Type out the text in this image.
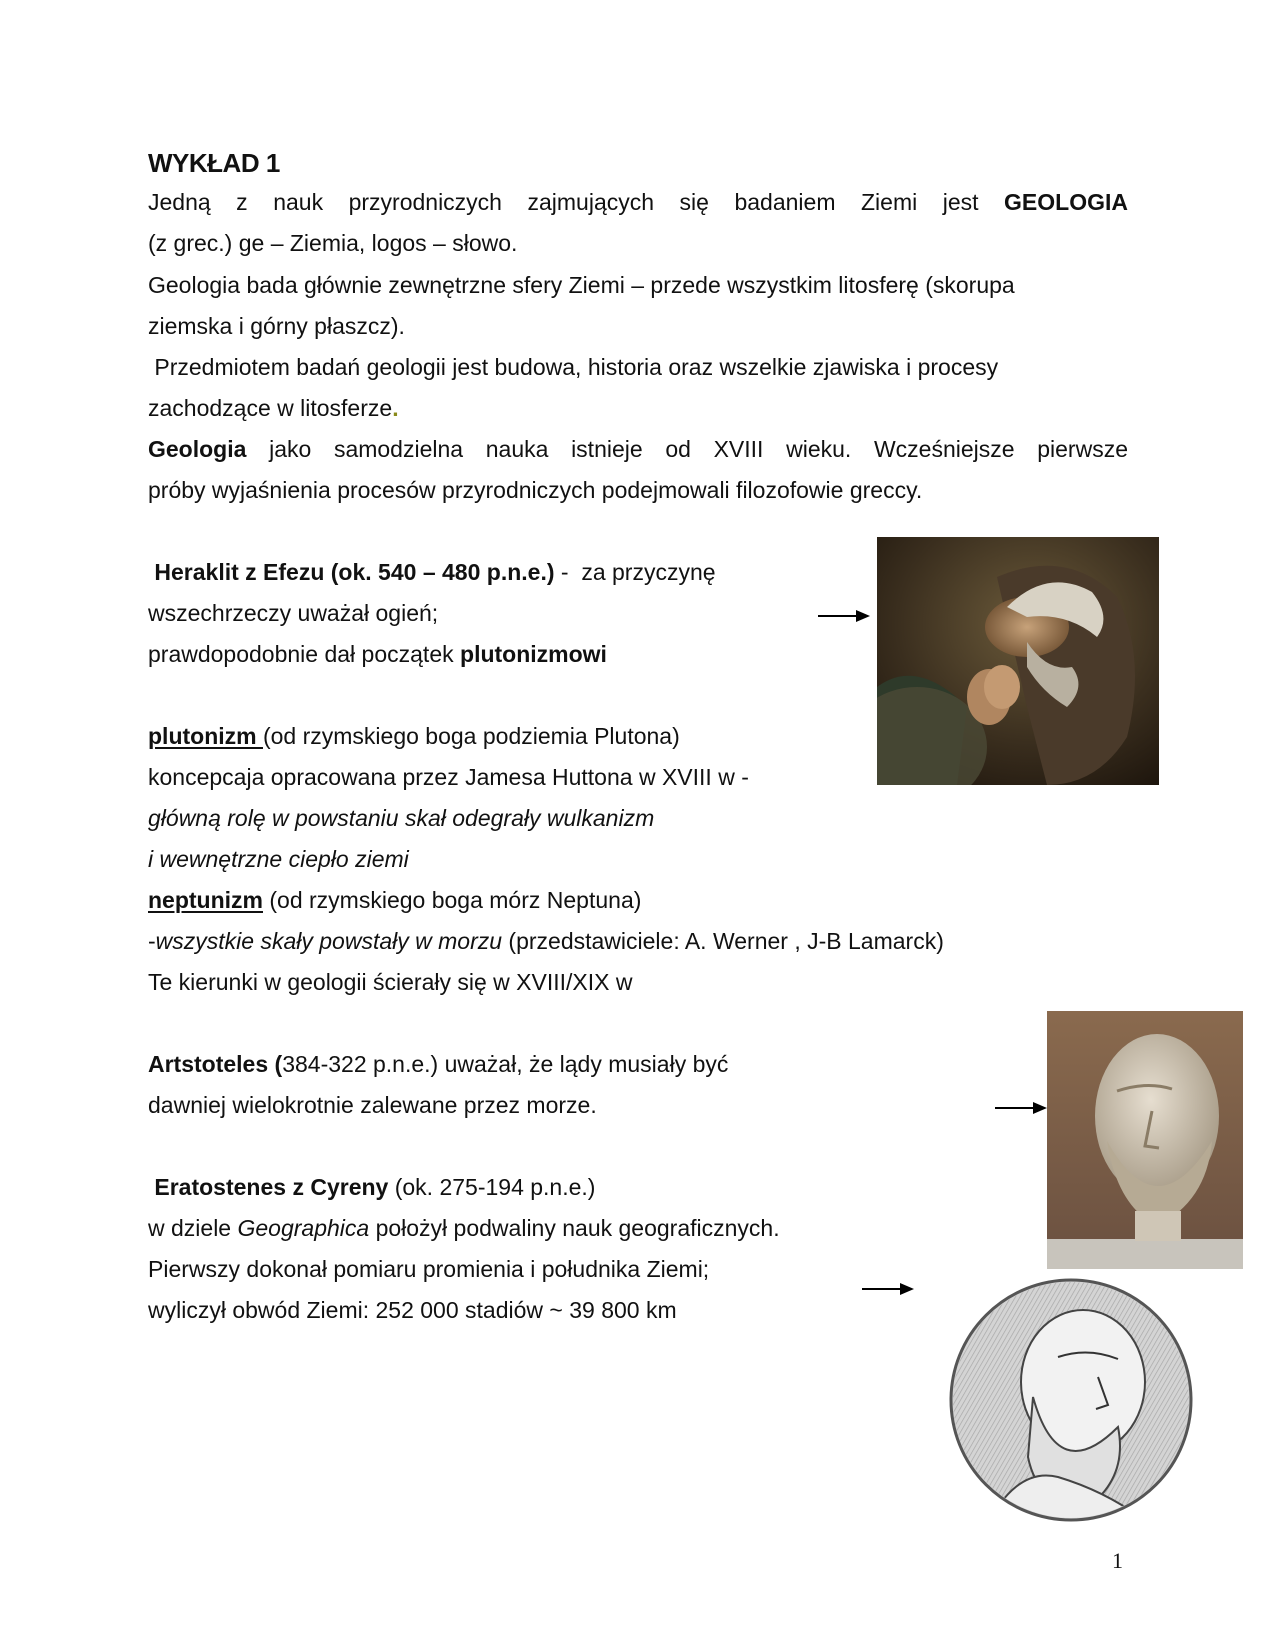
WYKŁAD 1
Jedną z nauk przyrodniczych zajmujących się badaniem Ziemi jest GEOLOGIA
(z grec.) ge – Ziemia, logos – słowo.
Geologia bada głównie zewnętrzne sfery Ziemi – przede wszystkim litosferę (skorupa
ziemska i górny płaszcz).
Przedmiotem badań geologii jest budowa, historia oraz wszelkie zjawiska i procesy
zachodzące w litosferze.
Geologia jako samodzielna nauka istnieje od XVIII wieku. Wcześniejsze pierwsze
próby wyjaśnienia procesów przyrodniczych podejmowali filozofowie greccy.
Heraklit z Efezu (ok. 540 – 480 p.n.e.) -  za przyczynę
wszechrzeczy uważał ogień;
prawdopodobnie dał początek plutonizmowi
plutonizm (od rzymskiego boga podziemia Plutona)
koncepcaja opracowana przez Jamesa Huttona w XVIII w -
główną rolę w powstaniu skał odegrały wulkanizm
i wewnętrzne ciepło ziemi
neptunizm (od rzymskiego boga mórz Neptuna)
-wszystkie skały powstały w morzu (przedstawiciele: A. Werner , J-B Lamarck)
Te kierunki w geologii ścierały się w XVIII/XIX w
Artstoteles (384-322 p.n.e.) uważał, że lądy musiały być
dawniej wielokrotnie zalewane przez morze.
Eratostenes z Cyreny (ok. 275-194 p.n.e.)
w dziele Geographica położył podwaliny nauk geograficznych.
Pierwszy dokonał pomiaru promienia i południka Ziemi;
wyliczył obwód Ziemi: 252 000 stadiów ~ 39 800 km
1
